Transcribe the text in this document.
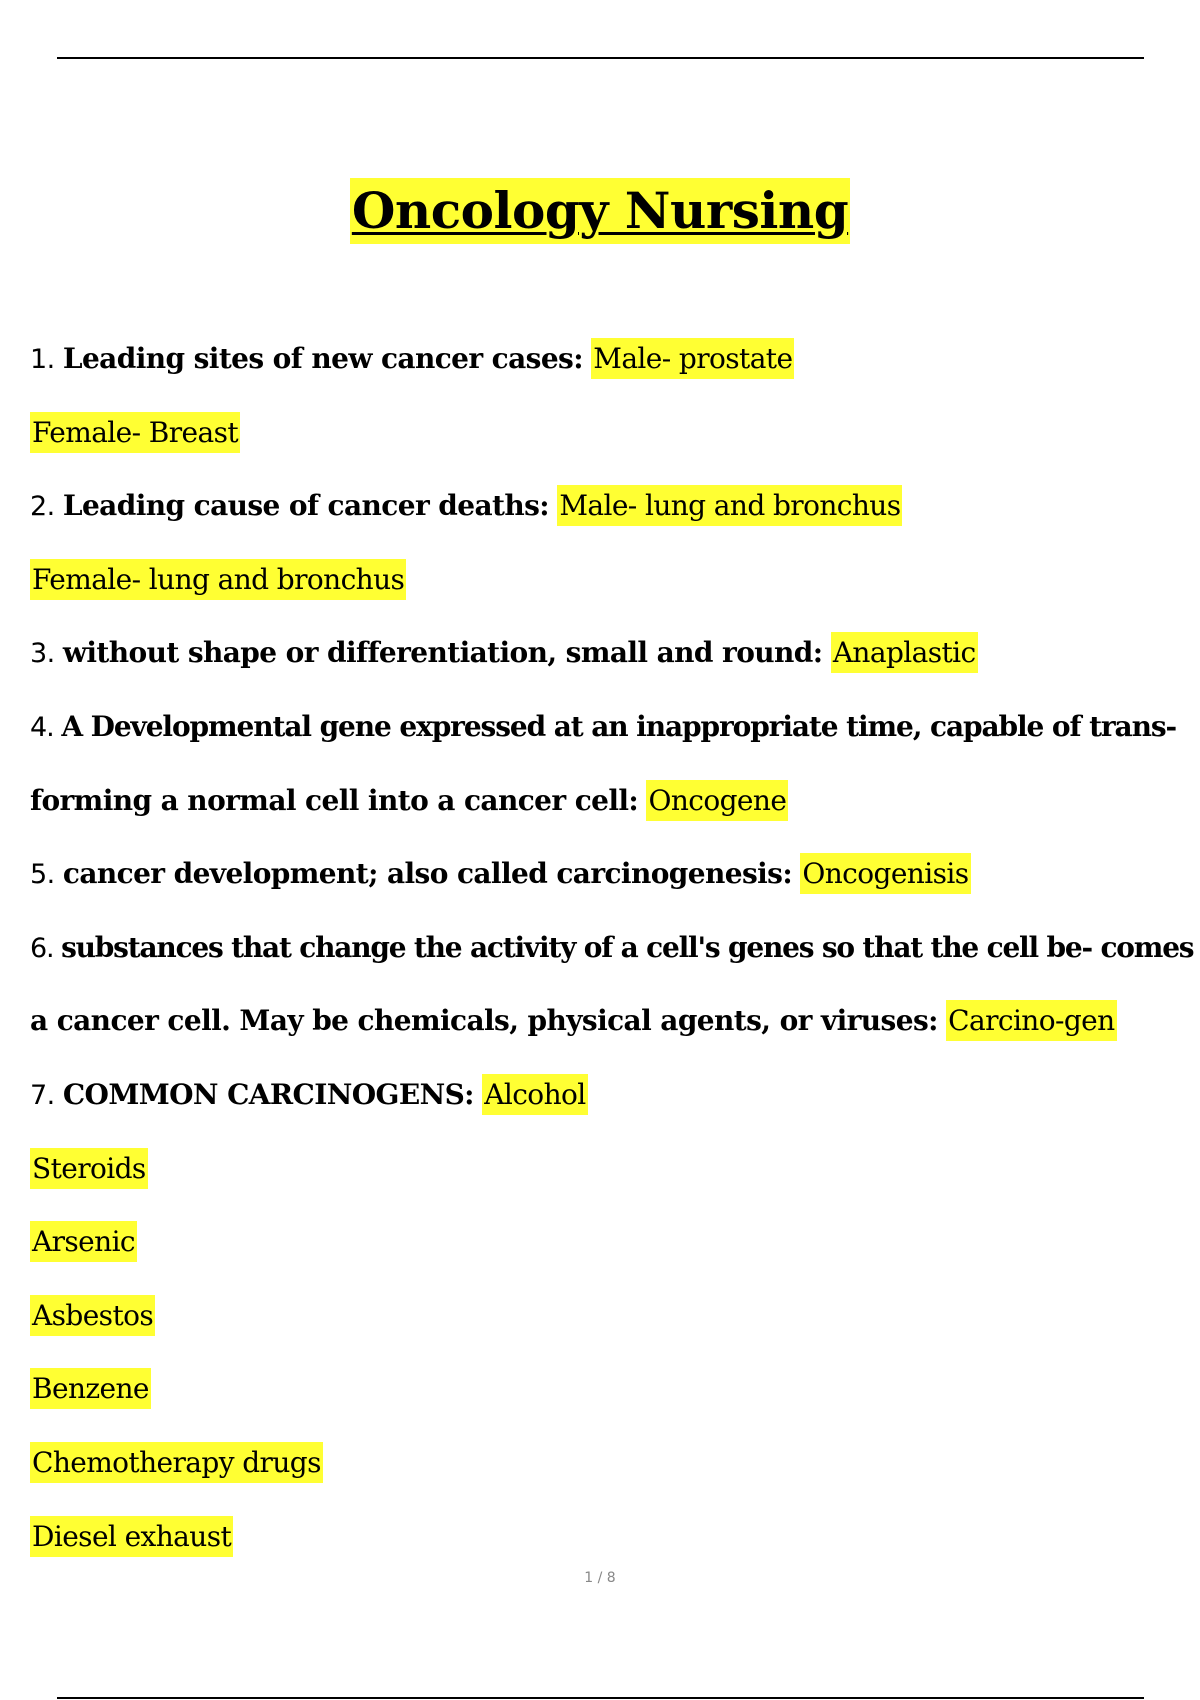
Oncology Nursing
1. Leading sites of new cancer cases: Male- prostate
Female- Breast
2. Leading cause of cancer deaths: Male- lung and bronchus
Female- lung and bronchus
3. without shape or differentiation, small and round: Anaplastic
4. A Developmental gene expressed at an inappropriate time, capable of trans-
forming a normal cell into a cancer cell: Oncogene
5. cancer development; also called carcinogenesis: Oncogenisis
6. substances that change the activity of a cell's genes so that the cell be- comes
a cancer cell. May be chemicals, physical agents, or viruses: Carcino-gen
7. COMMON CARCINOGENS: Alcohol
Steroids
Arsenic
Asbestos
Benzene
Chemotherapy drugs
Diesel exhaust
1 / 8
